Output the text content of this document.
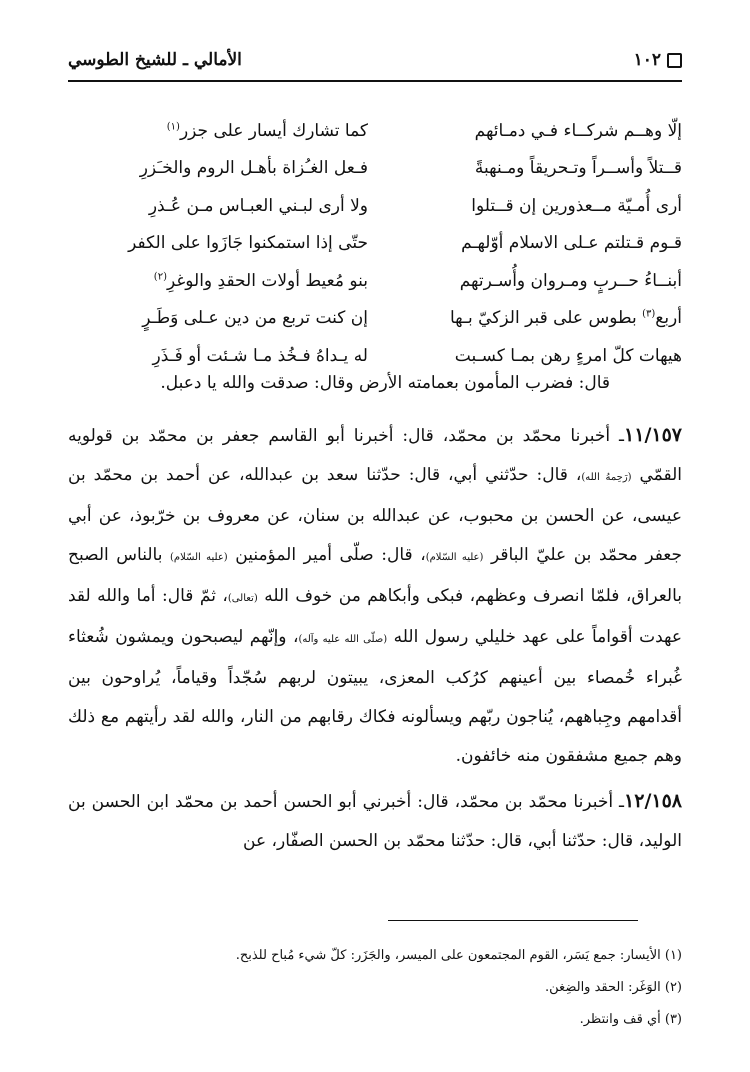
١٠٢
الأمالي ـ للشيخ الطوسي
إلّا وهــم شركــاء فـي دمـائهم
كما تشارك أيسار على جزر$^{(١)}$
قــتلاً وأســراً وتـحريقاً ومـنهبةً
فـعل الغـُزاة بأهـل الروم والخـَزرِ
أرى أُمـيّة مــعذورين إن قــتلوا
ولا أرى لبـني العبـاس مـن عُـذرِ
قـوم قـتلتم عـلى الاسلام أوّلهـم
حتّى إذا استمكنوا جَازَوا على الكفر
أبنــاءُ حــربٍ ومـروان وأُسـرتهم
بنو مُعيط أولات الحقدِ والوغرِ$^{(٢)}$
أربع$^{(٣)}$ بطوس على قبر الزكيّ بـها
إن كنت تربع من دين عـلى وَطَـرٍ
هيهات كلّ امرءٍ رهن بمـا كسـبت
له يـداهُ فـخُذ مـا شـئت أو فَـذَرِ
قال: فضرب المأمون بعمامته الأرض وقال: صدقت والله يا دعبل.

١١/١٥٧ـ أخبرنا محمّد بن محمّد، قال: أخبرنا أبو القاسم جعفر بن محمّد بن قولويه القمّي (رَحِمهُ الله)، قال: حدّثني أبي، قال: حدّثنا سعد بن عبدالله، عن أحمد بن محمّد بن عيسى، عن الحسن بن محبوب، عن عبدالله بن سنان، عن معروف بن خرّبوذ، عن أبي جعفر محمّد بن عليّ الباقر (عليه السّلام)، قال: صلّى أمير المؤمنين (عليه السّلام) بالناس الصبح بالعراق، فلمّا انصرف وعظهم، فبكى وأبكاهم من خوف الله (تعالى)، ثمّ قال: أما والله لقد عهدت أقواماً على عهد خليلي رسول الله (صلّى الله عليه وآله)، وإنّهم ليصبحون ويمشون شُعثاء غُبراء خُمصاء بين أعينهم كرُكب المعزى، يبيتون لربهم سُجّداً وقياماً، يُراوحون بين أقدامهم وجِباههم، يُناجون ربّهم ويسألونه فكاك رقابهم من النار، والله لقد رأيتهم مع ذلك وهم جميع مشفقون منه خائفون.

١٢/١٥٨ـ أخبرنا محمّد بن محمّد، قال: أخبرني أبو الحسن أحمد بن محمّد ابن الحسن بن الوليد، قال: حدّثنا أبي، قال: حدّثنا محمّد بن الحسن الصفّار، عن

(١) الأيسار: جمع يَسَر، القوم المجتمعون على الميسر، والجَزَر: كلّ شيء مُباح للذبح.
(٢) الوَغَر: الحقد والضِغن.
(٣) أي قف وانتظر.
